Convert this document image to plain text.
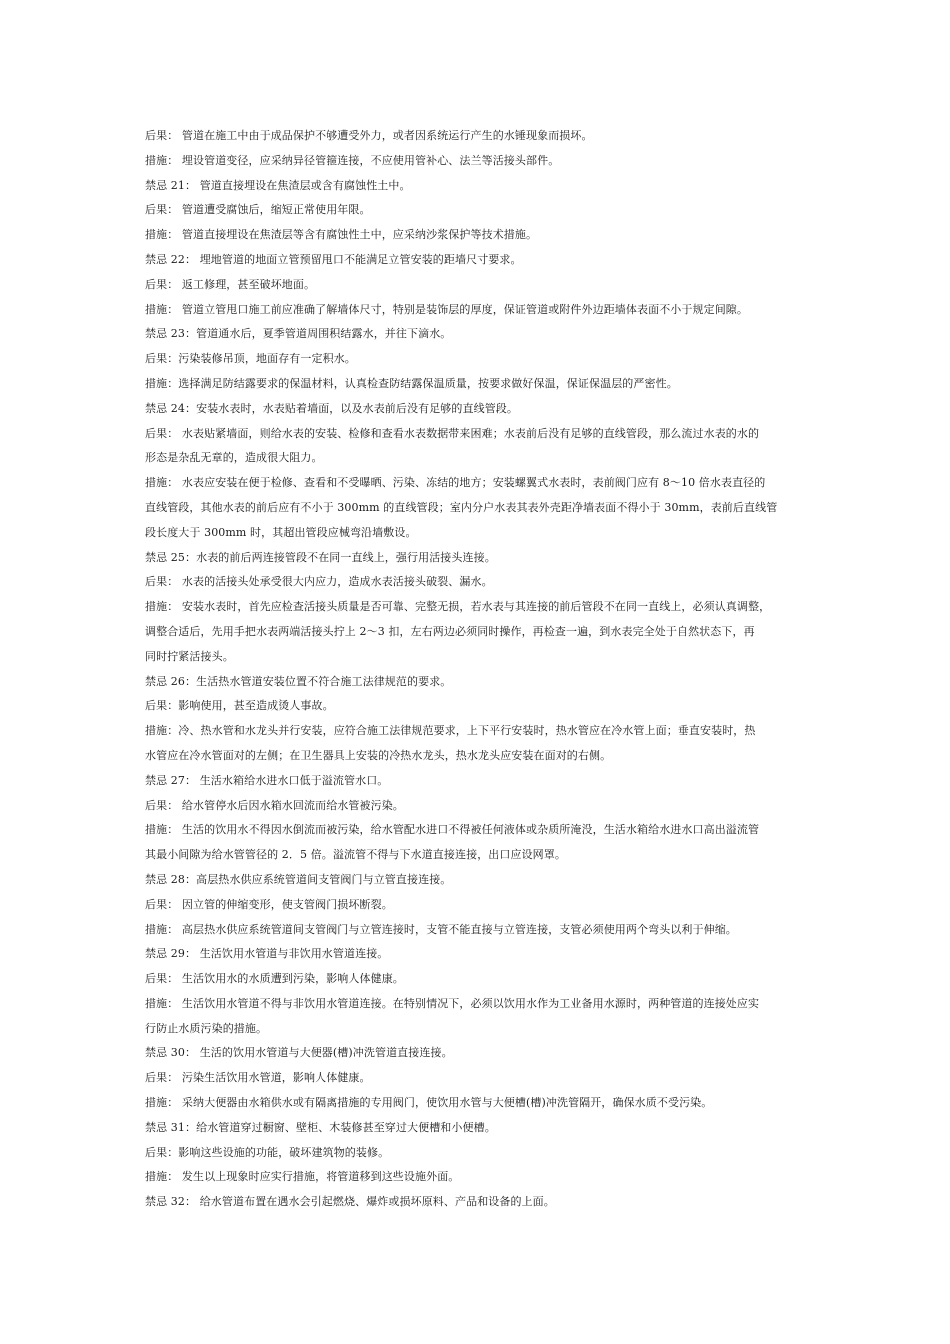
后果： 管道在施工中由于成品保护不够遭受外力，或者因系统运行产生的水锤现象而损坏。
措施： 埋设管道变径，应采纳异径管箍连接，不应使用管补心、法兰等活接头部件。
禁忌 21： 管道直接埋设在焦渣层或含有腐蚀性土中。
后果： 管道遭受腐蚀后，缩短正常使用年限。
措施： 管道直接埋设在焦渣层等含有腐蚀性土中，应采纳沙浆保护等技术措施。
禁忌 22： 埋地管道的地面立管预留甩口不能满足立管安装的距墙尺寸要求。
后果： 返工修理，甚至破坏地面。
措施： 管道立管甩口施工前应准确了解墙体尺寸，特别是装饰层的厚度，保证管道或附件外边距墙体表面不小于规定间隙。
禁忌 23：管道通水后，夏季管道周围积结露水，并往下滴水。
后果：污染装修吊顶，地面存有一定积水。
措施：选择满足防结露要求的保温材料，认真检查防结露保温质量，按要求做好保温，保证保温层的严密性。
禁忌 24：安装水表时，水表贴着墙面，以及水表前后没有足够的直线管段。
后果： 水表贴紧墙面，则给水表的安装、检修和查看水表数据带来困难；水表前后没有足够的直线管段，那么流过水表的水的
形态是杂乱无章的，造成很大阻力。
措施： 水表应安装在便于检修、查看和不受曝晒、污染、冻结的地方；安装螺翼式水表时，表前阀门应有 8～10 倍水表直径的
直线管段，其他水表的前后应有不小于 300mm 的直线管段；室内分户水表其表外壳距净墙表面不得小于 30mm，表前后直线管
段长度大于 300mm 时，其超出管段应械弯沿墙敷设。
禁忌 25：水表的前后两连接管段不在同一直线上，强行用活接头连接。
后果： 水表的活接头处承受很大内应力，造成水表活接头破裂、漏水。
措施： 安装水表时，首先应检查活接头质量是否可靠、完整无损，若水表与其连接的前后管段不在同一直线上，必须认真调整，
调整合适后，先用手把水表两端活接头拧上 2～3 扣，左右两边必须同时操作，再检查一遍，到水表完全处于自然状态下，再
同时拧紧活接头。
禁忌 26：生活热水管道安装位置不符合施工法律规范的要求。
后果：影响使用，甚至造成烫人事故。
措施：冷、热水管和水龙头并行安装，应符合施工法律规范要求，上下平行安装时，热水管应在冷水管上面；垂直安装时，热
水管应在冷水管面对的左侧；在卫生器具上安装的冷热水龙头，热水龙头应安装在面对的右侧。
禁忌 27： 生活水箱给水进水口低于溢流管水口。
后果： 给水管停水后因水箱水回流而给水管被污染。
措施： 生活的饮用水不得因水倒流而被污染，给水管配水进口不得被任何液体或杂质所淹没，生活水箱给水进水口高出溢流管
其最小间隙为给水管管径的 2．5 倍。溢流管不得与下水道直接连接，出口应设网罩。
禁忌 28：高层热水供应系统管道间支管阀门与立管直接连接。
后果： 因立管的伸缩变形，使支管阀门损坏断裂。
措施： 高层热水供应系统管道间支管阀门与立管连接时，支管不能直接与立管连接，支管必须使用两个弯头以利于伸缩。
禁忌 29： 生活饮用水管道与非饮用水管道连接。
后果： 生活饮用水的水质遭到污染，影响人体健康。
措施： 生活饮用水管道不得与非饮用水管道连接。在特别情况下，必须以饮用水作为工业备用水源时，两种管道的连接处应实
行防止水质污染的措施。
禁忌 30： 生活的饮用水管道与大便器(槽)冲洗管道直接连接。
后果： 污染生活饮用水管道，影响人体健康。
措施： 采纳大便器由水箱供水或有隔离措施的专用阀门，使饮用水管与大便槽(槽)冲洗管隔开，确保水质不受污染。
禁忌 31：给水管道穿过橱窗、壁柜、木装修甚至穿过大便槽和小便槽。
后果：影响这些设施的功能，破坏建筑物的装修。
措施： 发生以上现象时应实行措施，将管道移到这些设施外面。
禁忌 32： 给水管道布置在遇水会引起燃烧、爆炸或损坏原料、产品和设备的上面。
